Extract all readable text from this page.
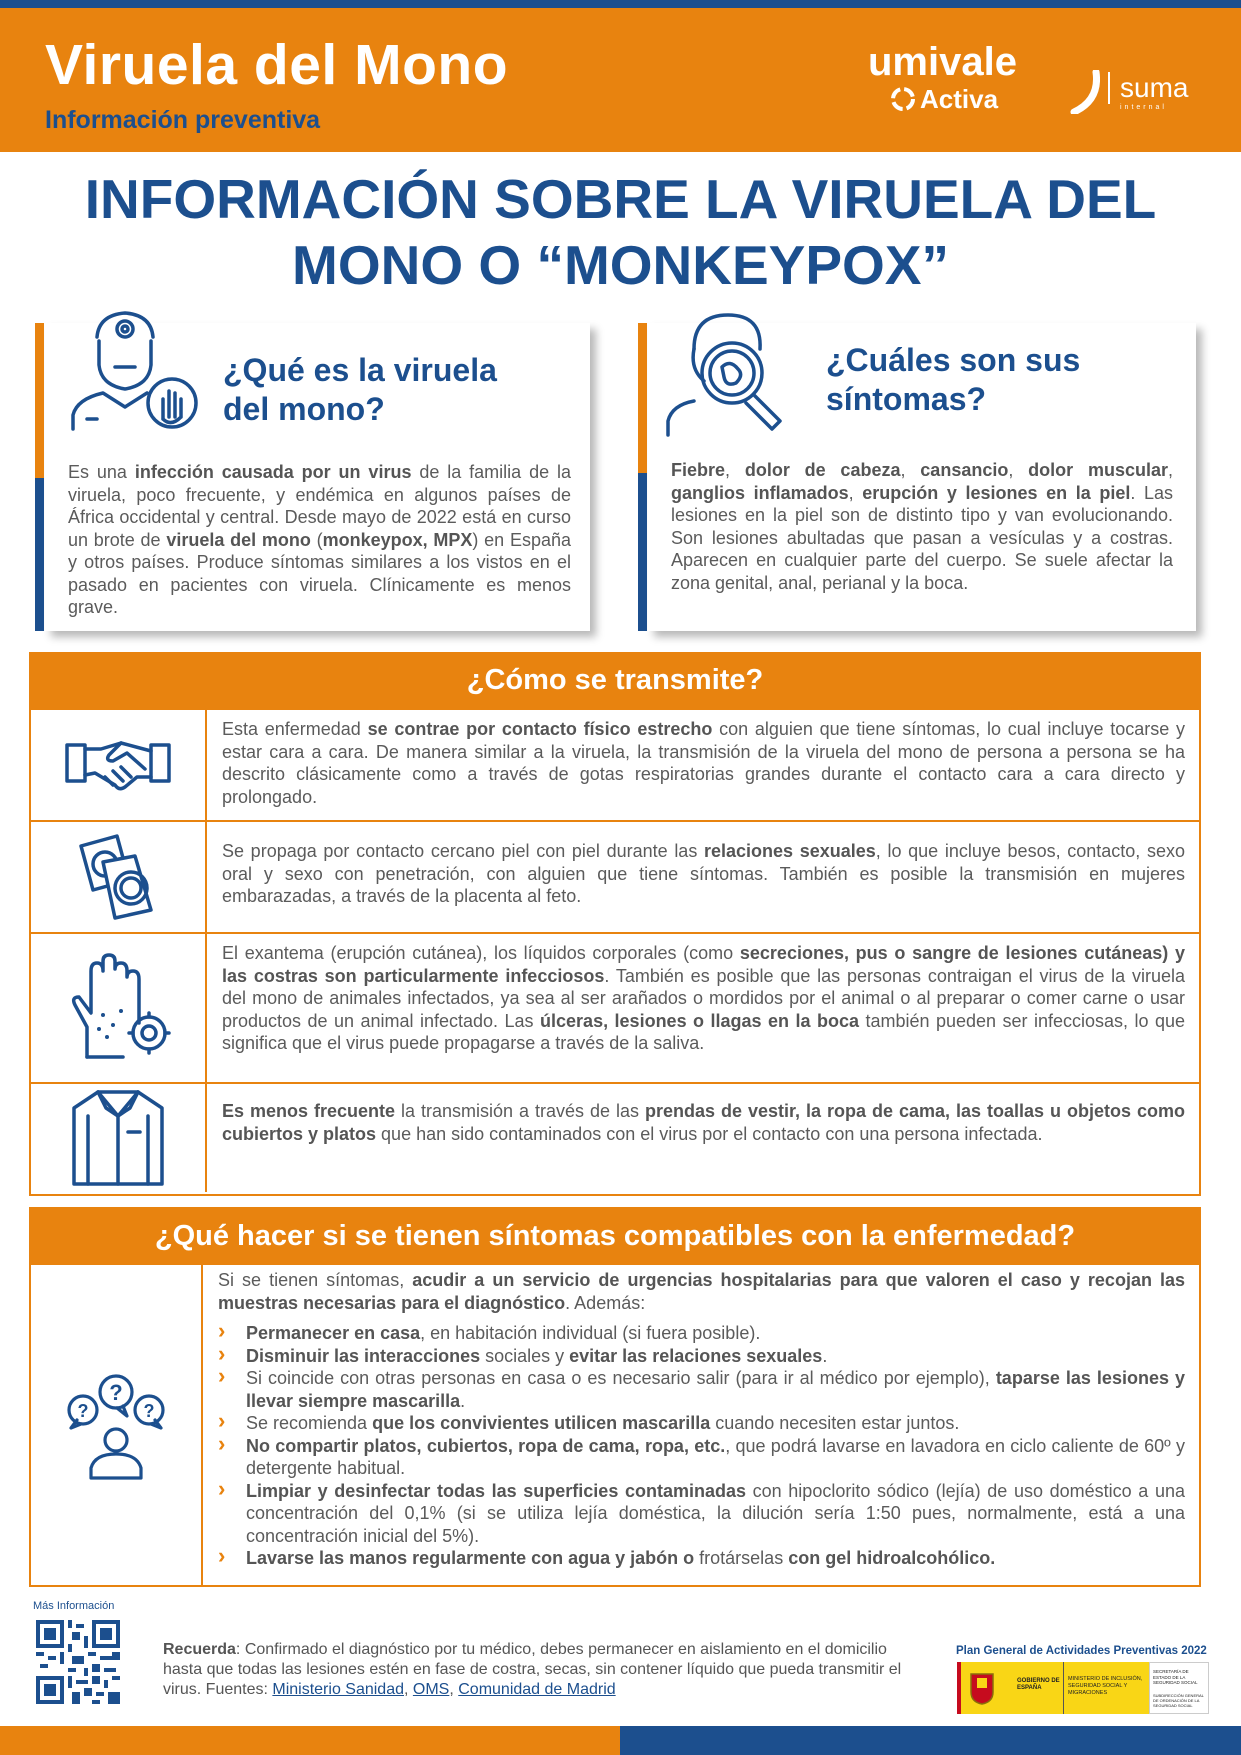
Viruela del Mono
Información preventiva
umivale
Activa	suma
internal
INFORMACIÓN SOBRE LA VIRUELA DEL
MONO O “MONKEYPOX”
¿Qué es la viruela
del mono?

Es una infección causada por un virus de la familia de la viruela, poco frecuente, y endémica en algunos países de África occidental y central. Desde mayo de 2022 está en curso un brote de viruela del mono (monkeypox, MPX) en España y otros países. Produce síntomas similares a los vistos en el pasado en pacientes con viruela. Clínicamente es menos grave.

¿Cuáles son sus
síntomas?

Fiebre, dolor de cabeza, cansancio, dolor muscular, ganglios inflamados, erupción y lesiones en la piel. Las lesiones en la piel son de distinto tipo y van evolucionando. Son lesiones abultadas que pasan a vesículas y a costras. Aparecen en cualquier parte del cuerpo. Se suele afectar la zona genital, anal, perianal y la boca.

¿Cómo se transmite?
Esta enfermedad se contrae por contacto físico estrecho con alguien que tiene síntomas, lo cual incluye tocarse y estar cara a cara. De manera similar a la viruela, la transmisión de la viruela del mono de persona a persona se ha descrito clásicamente como a través de gotas respiratorias grandes durante el contacto cara a cara directo y prolongado.
Se propaga por contacto cercano piel con piel durante las relaciones sexuales, lo que incluye besos, contacto, sexo oral y sexo con penetración, con alguien que tiene síntomas. También es posible la transmisión en mujeres embarazadas, a través de la placenta al feto.
El exantema (erupción cutánea), los líquidos corporales (como secreciones, pus o sangre de lesiones cutáneas) y las costras son particularmente infecciosos. También es posible que las personas contraigan el virus de la viruela del mono de animales infectados, ya sea al ser arañados o mordidos por el animal o al preparar o comer carne o usar productos de un animal infectado. Las úlceras, lesiones o llagas en la boca también pueden ser infecciosas, lo que significa que el virus puede propagarse a través de la saliva.
Es menos frecuente la transmisión a través de las prendas de vestir, la ropa de cama, las toallas u objetos como cubiertos y platos que han sido contaminados con el virus por el contacto con una persona infectada.
¿Qué hacer si se tienen síntomas compatibles con la enfermedad?
?
?
?
Si se tienen síntomas, acudir a un servicio de urgencias hospitalarias para que valoren el caso y recojan las muestras necesarias para el diagnóstico. Además:
› Permanecer en casa, en habitación individual (si fuera posible).
› Disminuir las interacciones sociales y evitar las relaciones sexuales.
› Si coincide con otras personas en casa o es necesario salir (para ir al médico por ejemplo), taparse las lesiones y llevar siempre mascarilla.
› Se recomienda que los convivientes utilicen mascarilla cuando necesiten estar juntos.
› No compartir platos, cubiertos, ropa de cama, ropa, etc., que podrá lavarse en lavadora en ciclo caliente de 60º y detergente habitual.
› Limpiar y desinfectar todas las superficies contaminadas con hipoclorito sódico (lejía) de uso doméstico a una concentración del 0,1% (si se utiliza lejía doméstica, la dilución sería 1:50 pues, normalmente, está a una concentración inicial del 5%).
› Lavarse las manos regularmente con agua y jabón o frotárselas con gel hidroalcohólico.
Más Información
Recuerda: Confirmado el diagnóstico por tu médico, debes permanecer en aislamiento en el domicilio hasta que todas las lesiones estén en fase de costra, secas, sin contener líquido que pueda transmitir el virus. Fuentes: Ministerio Sanidad, OMS, Comunidad de Madrid
Plan General de Actividades Preventivas 2022
GOBIERNO DE ESPAÑA
MINISTERIO DE INCLUSIÓN, SEGURIDAD SOCIAL Y MIGRACIONES
SECRETARÍA DE ESTADO DE LA SEGURIDAD SOCIAL
SUBDIRECCIÓN GENERAL DE ORDENACIÓN DE LA SEGURIDAD SOCIAL
